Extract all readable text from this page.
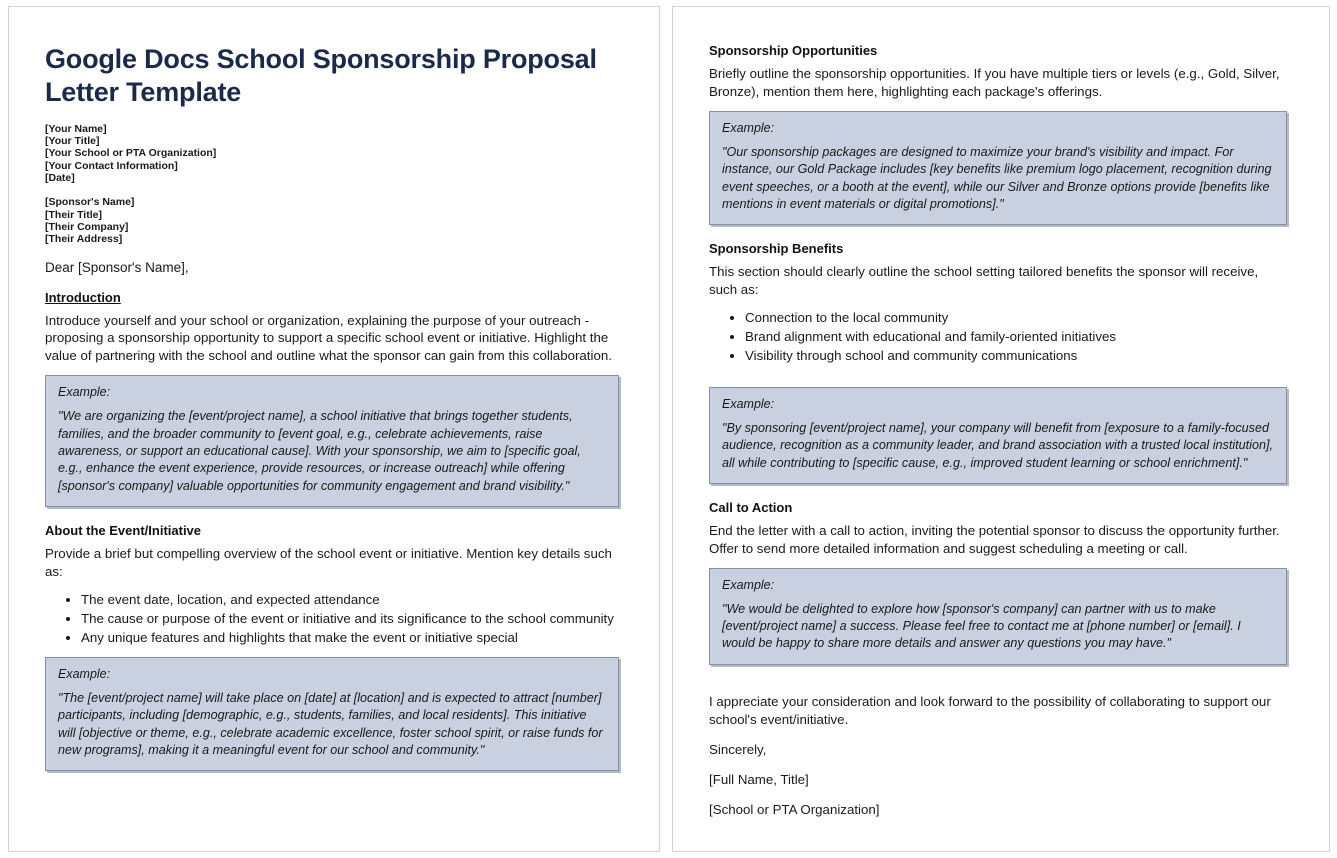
Google Docs School Sponsorship Proposal Letter Template
[Your Name]
[Your Title]
[Your School or PTA Organization]
[Your Contact Information]
[Date]
[Sponsor's Name]
[Their Title]
[Their Company]
[Their Address]
Dear [Sponsor's Name],
Introduction
Introduce yourself and your school or organization, explaining the purpose of your outreach - proposing a sponsorship opportunity to support a specific school event or initiative. Highlight the value of partnering with the school and outline what the sponsor can gain from this collaboration.
Example:
"We are organizing the [event/project name], a school initiative that brings together students, families, and the broader community to [event goal, e.g., celebrate achievements, raise awareness, or support an educational cause]. With your sponsorship, we aim to [specific goal, e.g., enhance the event experience, provide resources, or increase outreach] while offering [sponsor's company] valuable opportunities for community engagement and brand visibility."
About the Event/Initiative
Provide a brief but compelling overview of the school event or initiative. Mention key details such as:
• The event date, location, and expected attendance
• The cause or purpose of the event or initiative and its significance to the school community
• Any unique features and highlights that make the event or initiative special
Example:
"The [event/project name] will take place on [date] at [location] and is expected to attract [number] participants, including [demographic, e.g., students, families, and local residents]. This initiative will [objective or theme, e.g., celebrate academic excellence, foster school spirit, or raise funds for new programs], making it a meaningful event for our school and community."
Sponsorship Opportunities
Briefly outline the sponsorship opportunities. If you have multiple tiers or levels (e.g., Gold, Silver, Bronze), mention them here, highlighting each package's offerings.
Example:
"Our sponsorship packages are designed to maximize your brand's visibility and impact. For instance, our Gold Package includes [key benefits like premium logo placement, recognition during event speeches, or a booth at the event], while our Silver and Bronze options provide [benefits like mentions in event materials or digital promotions]."
Sponsorship Benefits
This section should clearly outline the school setting tailored benefits the sponsor will receive, such as:
• Connection to the local community
• Brand alignment with educational and family-oriented initiatives
• Visibility through school and community communications
Example:
"By sponsoring [event/project name], your company will benefit from [exposure to a family-focused audience, recognition as a community leader, and brand association with a trusted local institution], all while contributing to [specific cause, e.g., improved student learning or school enrichment]."
Call to Action
End the letter with a call to action, inviting the potential sponsor to discuss the opportunity further. Offer to send more detailed information and suggest scheduling a meeting or call.
Example:
"We would be delighted to explore how [sponsor's company] can partner with us to make [event/project name] a success. Please feel free to contact me at [phone number] or [email]. I would be happy to share more details and answer any questions you may have."
I appreciate your consideration and look forward to the possibility of collaborating to support our school's event/initiative.
Sincerely,
[Full Name, Title]
[School or PTA Organization]
